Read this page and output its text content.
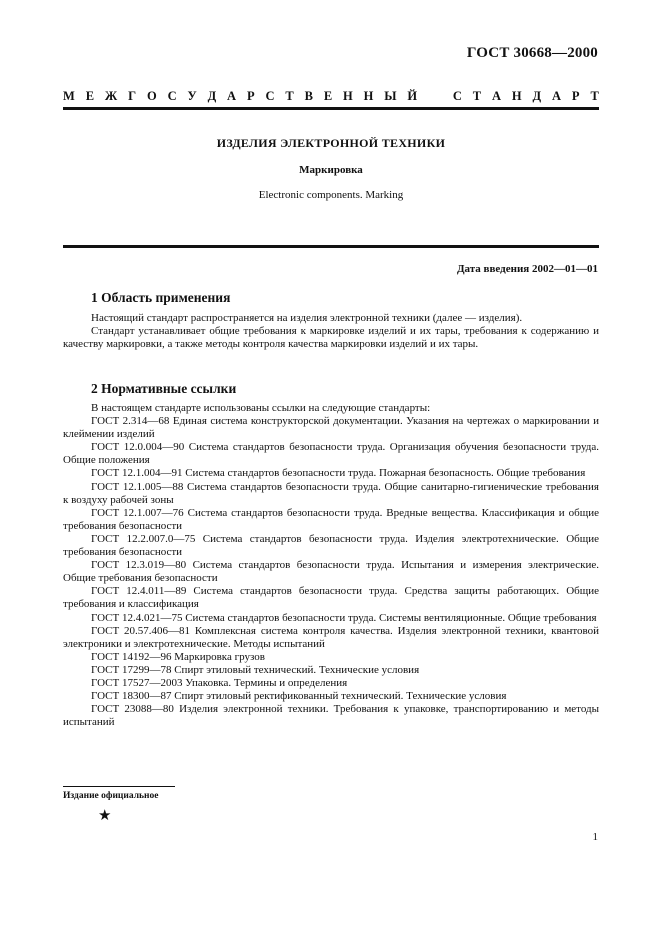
ГОСТ 30668—2000
М Е Ж Г О С У Д А Р С Т В Е Н Н Ы Й	С Т А Н Д А Р Т
ИЗДЕЛИЯ ЭЛЕКТРОННОЙ ТЕХНИКИ
Маркировка
Electronic components. Marking
Дата введения 2002—01—01
1 Область применения

Настоящий стандарт распространяется на изделия электронной техники (далее — изделия).

Стандарт устанавливает общие требования к маркировке изделий и их тары, требования к содержанию и качеству маркировки, а также методы контроля качества маркировки изделий и их тары.

2 Нормативные ссылки

В настоящем стандарте использованы ссылки на следующие стандарты:

ГОСТ 2.314—68 Единая система конструкторской документации. Указания на чертежах о маркировании и клеймении изделий

ГОСТ 12.0.004—90 Система стандартов безопасности труда. Организация обучения безопасности труда. Общие положения

ГОСТ 12.1.004—91 Система стандартов безопасности труда. Пожарная безопасность. Общие требования

ГОСТ 12.1.005—88 Система стандартов безопасности труда. Общие санитарно-гигиенические требования к воздуху рабочей зоны

ГОСТ 12.1.007—76 Система стандартов безопасности труда. Вредные вещества. Классификация и общие требования безопасности

ГОСТ 12.2.007.0—75 Система стандартов безопасности труда. Изделия электротехнические. Общие требования безопасности

ГОСТ 12.3.019—80 Система стандартов безопасности труда. Испытания и измерения электрические. Общие требования безопасности

ГОСТ 12.4.011—89 Система стандартов безопасности труда. Средства защиты работающих. Общие требования и классификация

ГОСТ 12.4.021—75 Система стандартов безопасности труда. Системы вентиляционные. Общие требования

ГОСТ 20.57.406—81 Комплексная система контроля качества. Изделия электронной техники, квантовой электроники и электротехнические. Методы испытаний

ГОСТ 14192—96 Маркировка грузов

ГОСТ 17299—78 Спирт этиловый технический. Технические условия

ГОСТ 17527—2003 Упаковка. Термины и определения

ГОСТ 18300—87 Спирт этиловый ректификованный технический. Технические условия

ГОСТ 23088—80 Изделия электронной техники. Требования к упаковке, транспортированию и методы испытаний

Издание официальное
★
1
